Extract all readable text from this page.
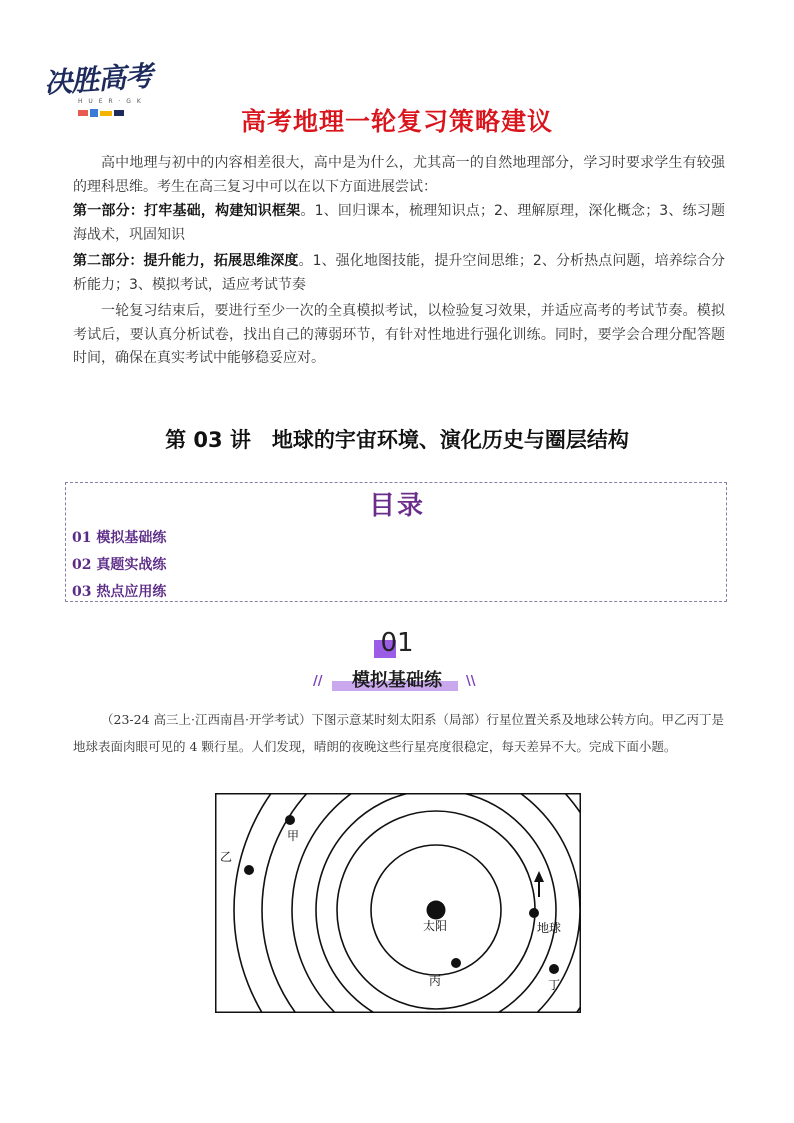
决胜高考
H U E R · G K
高考地理一轮复习策略建议
高中地理与初中的内容相差很大，高中是为什么，尤其高一的自然地理部分，学习时要求学生有较强的理科思维。考生在高三复习中可以在以下方面进展尝试：
第一部分：打牢基础，构建知识框架。1、回归课本，梳理知识点；2、理解原理，深化概念；3、练习题海战术，巩固知识
第二部分：提升能力，拓展思维深度。1、强化地图技能，提升空间思维；2、分析热点问题，培养综合分析能力；3、模拟考试，适应考试节奏
一轮复习结束后，要进行至少一次的全真模拟考试，以检验复习效果，并适应高考的考试节奏。模拟考试后，要认真分析试卷，找出自己的薄弱环节，有针对性地进行强化训练。同时，要学会合理分配答题时间，确保在真实考试中能够稳妥应对。
第 03 讲　地球的宇宙环境、演化历史与圈层结构
目录
01 模拟基础练
02 真题实战练
03 热点应用练
01
//	\\
模拟基础练
（23-24 高三上·江西南昌·开学考试）下图示意某时刻太阳系（局部）行星位置关系及地球公转方向。甲乙丙丁是地球表面肉眼可见的 4 颗行星。人们发现，晴朗的夜晚这些行星亮度很稳定，每天差异不大。完成下面小题。
太阳	地球
甲
乙
丙	丁
